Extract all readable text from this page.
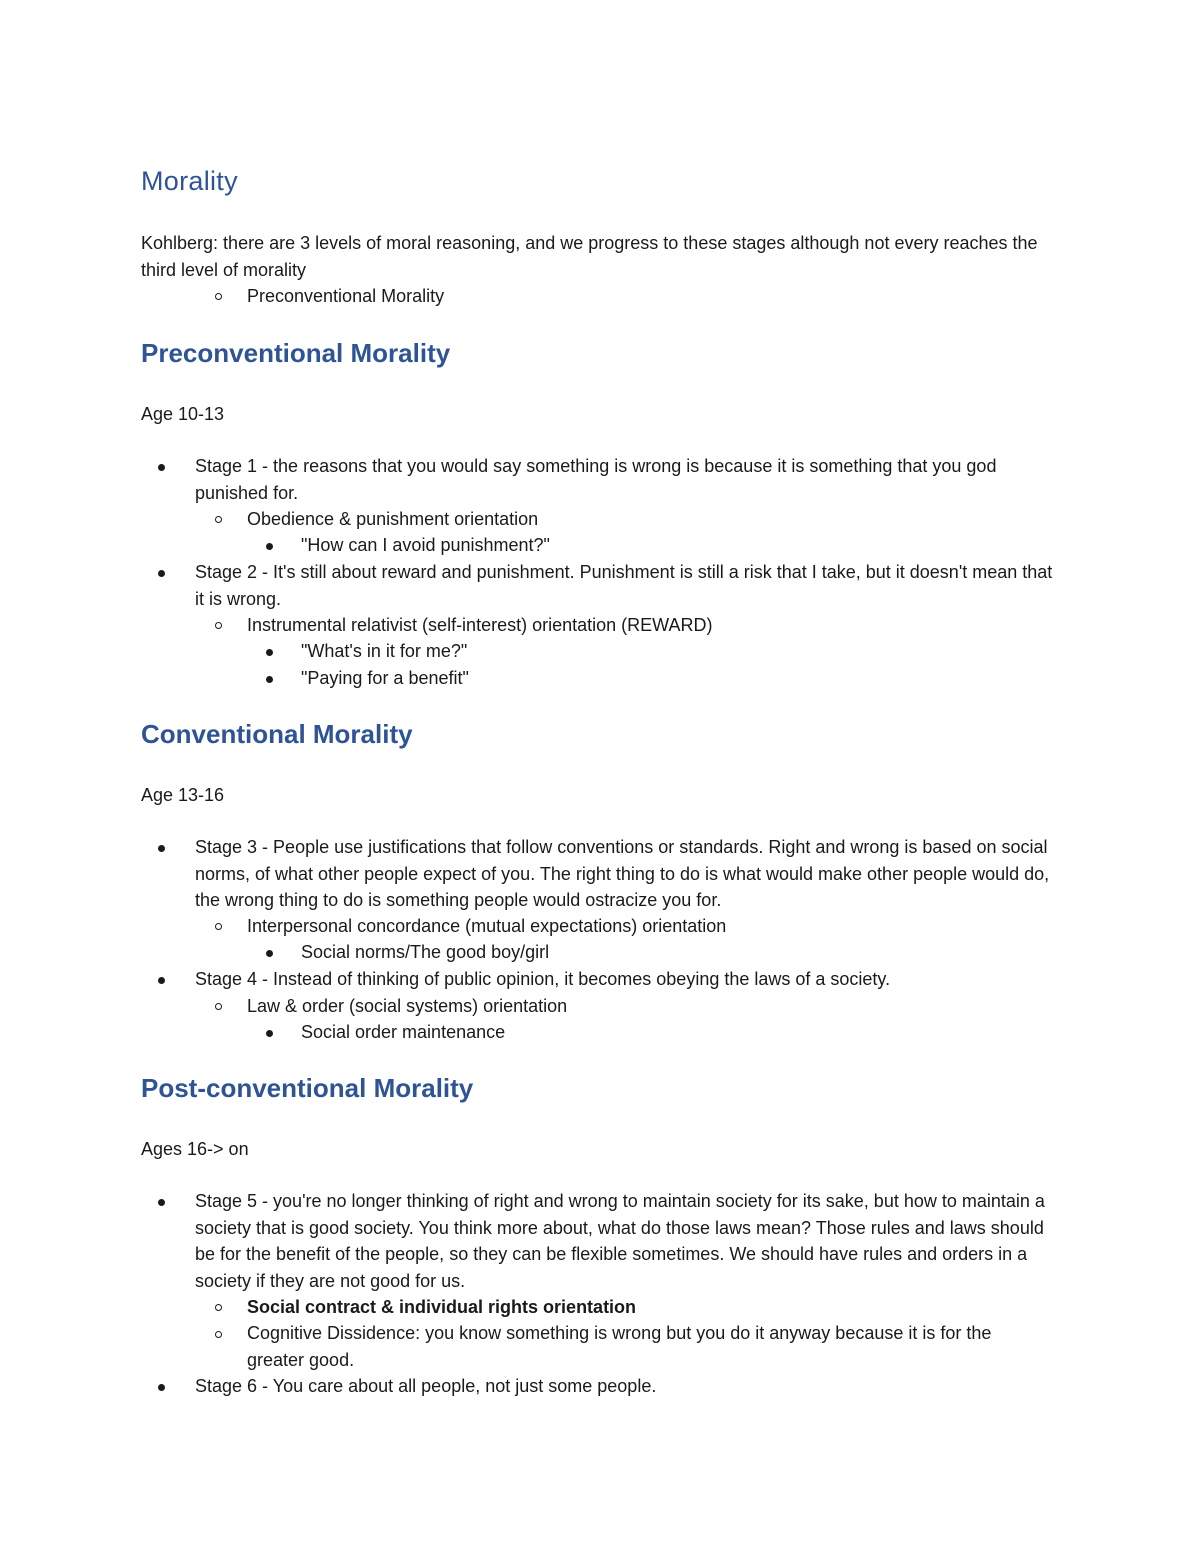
Morality

Kohlberg: there are 3 levels of moral reasoning, and we progress to these stages although not every reaches the third level of morality

Preconventional Morality

Preconventional Morality

Age 10-13

Stage 1 - the reasons that you would say something is wrong is because it is something that you god punished for.

Obedience & punishment orientation

"How can I avoid punishment?"

Stage 2 - It's still about reward and punishment. Punishment is still a risk that I take, but it doesn't mean that it is wrong.

Instrumental relativist (self-interest) orientation (REWARD)

"What's in it for me?"

"Paying for a benefit"

Conventional Morality

Age 13-16

Stage 3 - People use justifications that follow conventions or standards. Right and wrong is based on social norms, of what other people expect of you. The right thing to do is what would make other people would do, the wrong thing to do is something people would ostracize you for.

Interpersonal concordance (mutual expectations) orientation

Social norms/The good boy/girl

Stage 4 - Instead of thinking of public opinion, it becomes obeying the laws of a society.

Law & order (social systems) orientation

Social order maintenance

Post-conventional Morality

Ages 16-> on

Stage 5 - you're no longer thinking of right and wrong to maintain society for its sake, but how to maintain a society that is good society. You think more about, what do those laws mean? Those rules and laws should be for the benefit of the people, so they can be flexible sometimes. We should have rules and orders in a society if they are not good for us.

Social contract & individual rights orientation

Cognitive Dissidence: you know something is wrong but you do it anyway because it is for the greater good.

Stage 6 - You care about all people, not just some people.
